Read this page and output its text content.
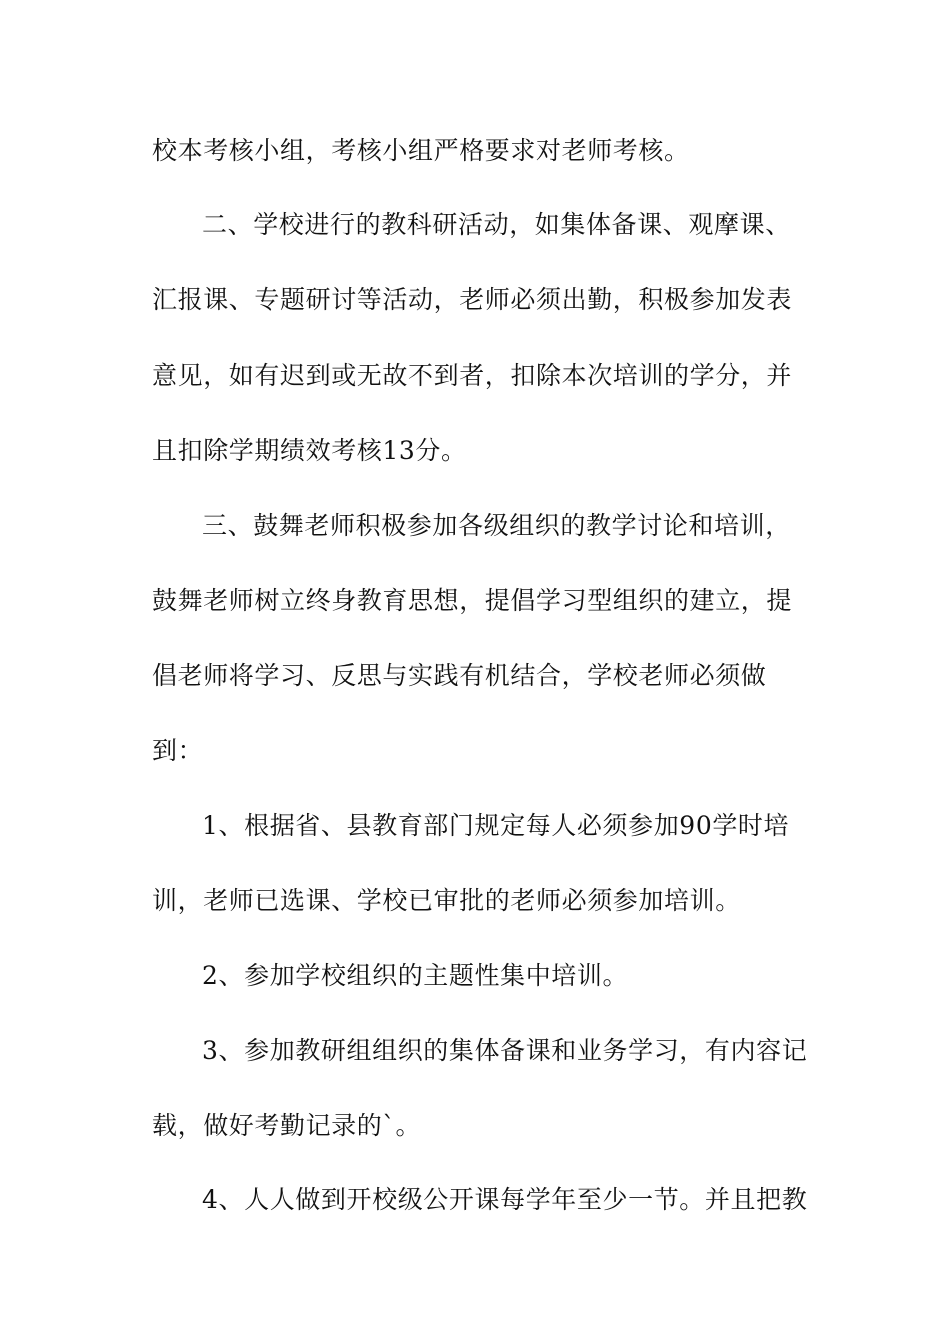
校本考核小组，考核小组严格要求对老师考核。
二、学校进行的教科研活动，如集体备课、观摩课、
汇报课、专题研讨等活动，老师必须出勤，积极参加发表
意见，如有迟到或无故不到者，扣除本次培训的学分，并
且扣除学期绩效考核13分。
三、鼓舞老师积极参加各级组织的教学讨论和培训，
鼓舞老师树立终身教育思想，提倡学习型组织的建立，提
倡老师将学习、反思与实践有机结合，学校老师必须做
到：
1、根据省、县教育部门规定每人必须参加90学时培
训，老师已选课、学校已审批的老师必须参加培训。
2、参加学校组织的主题性集中培训。
3、参加教研组组织的集体备课和业务学习，有内容记
载，做好考勤记录的`。
4、人人做到开校级公开课每学年至少一节。并且把教
